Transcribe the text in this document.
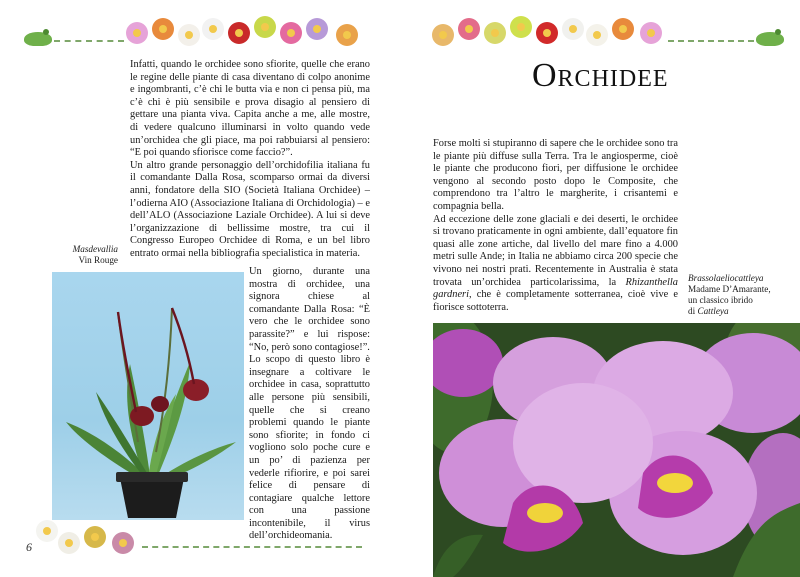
Infatti, quando le orchidee sono sfiorite, quelle che erano le regine delle piante di casa diventano di colpo anonime e ingombranti, c’è chi le butta via e non ci pensa più, ma c’è chi è più sensibile e prova disagio al pensiero di gettare una pianta viva. Capita anche a me, alle mostre, di vedere qualcuno illuminarsi in volto quando vede un’orchidea che gli piace, ma poi rabbuiarsi al pensiero: “E poi quando sfiorisce come faccio?”.

Un altro grande personaggio dell’orchidofilia italiana fu il comandante Dalla Rosa, scomparso ormai da diversi anni, fondatore della SIO (Società Italiana Orchidee) – l’odierna AIO (Associazione Italiana di Orchidologia) – e dell’ALO (Associazione Laziale Orchidee). A lui si deve l’organizzazione di bellissime mostre, tra cui il Congresso Europeo Orchidee di Roma, e un bel libro entrato ormai nella bibliografia specialistica in materia.

Masdevallia
Vin Rouge

Un giorno, durante una mostra di orchidee, una signora chiese al comandante Dalla Rosa: “È vero che le orchidee sono parassite?” e lui rispose: “No, però sono contagiose!”.

Lo scopo di questo libro è insegnare a coltivare le orchidee in casa, soprattutto alle persone più sensibili, quelle che si creano problemi quando le piante sono sfiorite; in fondo ci vogliono solo poche cure e un po’ di pazienza per vederle rifiorire, e poi sarei felice di pensare di contagiare qualche lettore con una passione incontenibile, il virus dell’orchideomania.

6
Orchidee

Forse molti si stupiranno di sapere che le orchidee sono tra le piante più diffuse sulla Terra. Tra le angiosperme, cioè le piante che producono fiori, per diffusione le orchidee vengono al secondo posto dopo le Composite, che comprendono tra l’altro le margherite, i crisantemi e compagnia bella.

Ad eccezione delle zone glaciali e dei deserti, le orchidee si trovano praticamente in ogni ambiente, dall’equatore fin quasi alle zone artiche, dal livello del mare fino a 4.000 metri sulle Ande; in Italia ne abbiamo circa 200 specie che vivono nei nostri prati. Recentemente in Australia è stata trovata un’orchidea particolarissima, la Rhizanthella gardneri, che è completamente sotterranea, cioè vive e fiorisce sottoterra.

Brassolaeliocattleya
Madame D’Amarante,
un classico ibrido
di Cattleya
